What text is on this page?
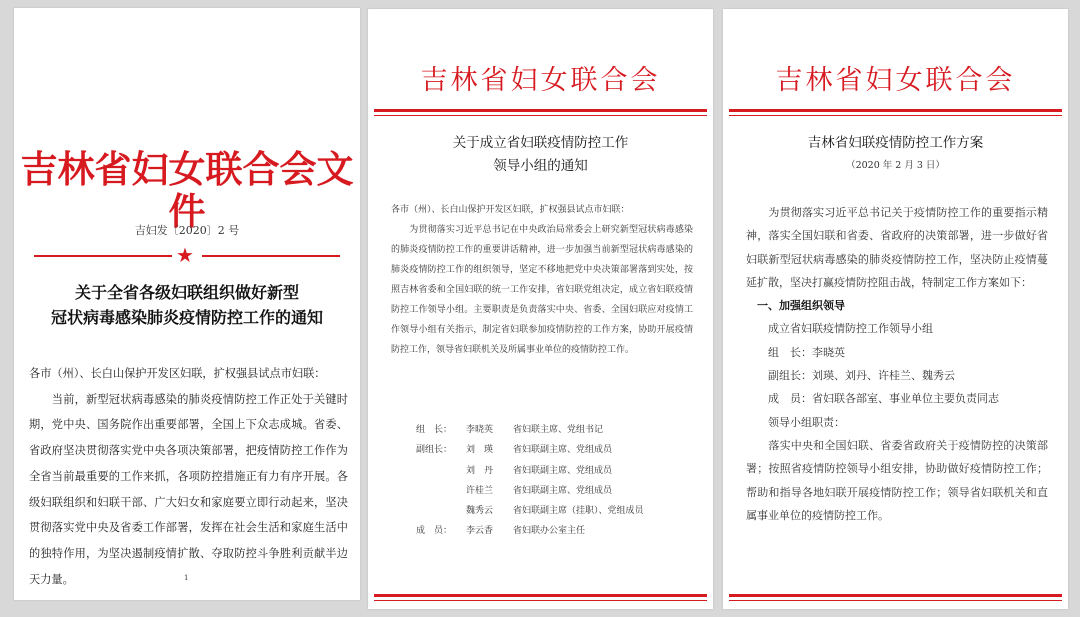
吉林省妇女联合会文件
吉妇发〔2020〕2 号
★
关于全省各级妇联组织做好新型
冠状病毒感染肺炎疫情防控工作的通知

各市（州）、长白山保护开发区妇联，扩权强县试点市妇联：

　　当前，新型冠状病毒感染的肺炎疫情防控工作正处于关键时期，党中央、国务院作出重要部署，全国上下众志成城。省委、省政府坚决贯彻落实党中央各项决策部署，把疫情防控工作作为全省当前最重要的工作来抓，各项防控措施正有力有序开展。各级妇联组织和妇联干部、广大妇女和家庭要立即行动起来，坚决贯彻落实党中央及省委工作部署，发挥在社会生活和家庭生活中的独特作用，为坚决遏制疫情扩散、夺取防控斗争胜利贡献半边天力量。	1
吉林省妇女联合会
关于成立省妇联疫情防控工作
领导小组的通知

各市（州）、长白山保护开发区妇联，扩权强县试点市妇联：

　　为贯彻落实习近平总书记在中央政治局常委会上研究新型冠状病毒感染的肺炎疫情防控工作的重要讲话精神，进一步加强当前新型冠状病毒感染的肺炎疫情防控工作的组织领导，坚定不移地把党中央决策部署落到实处，按照吉林省委和全国妇联的统一工作安排，省妇联党组决定，成立省妇联疫情防控工作领导小组。主要职责是负责落实中央、省委、全国妇联应对疫情工作领导小组有关指示，制定省妇联参加疫情防控的工作方案，协助开展疫情防控工作，领导省妇联机关及所属事业单位的疫情防控工作。

组　长： 李晓英 省妇联主席、党组书记
副组长： 刘　瑛 省妇联副主席、党组成员
刘　丹 省妇联副主席、党组成员
许桂兰 省妇联副主席、党组成员
魏秀云 省妇联副主席（挂职）、党组成员
成　员： 李云香 省妇联办公室主任
吉林省妇女联合会
吉林省妇联疫情防控工作方案
（2020 年 2 月 3 日）

　　为贯彻落实习近平总书记关于疫情防控工作的重要指示精神，落实全国妇联和省委、省政府的决策部署，进一步做好省妇联新型冠状病毒感染的肺炎疫情防控工作，坚决防止疫情蔓延扩散，坚决打赢疫情防控阻击战，特制定工作方案如下：

　一、加强组织领导

　　成立省妇联疫情防控工作领导小组

　　组　长：李晓英

　　副组长：刘瑛、刘丹、许桂兰、魏秀云

　　成　员：省妇联各部室、事业单位主要负责同志

　　领导小组职责：

　　落实中央和全国妇联、省委省政府关于疫情防控的决策部署；按照省疫情防控领导小组安排，协助做好疫情防控工作；帮助和指导各地妇联开展疫情防控工作；领导省妇联机关和直属事业单位的疫情防控工作。
